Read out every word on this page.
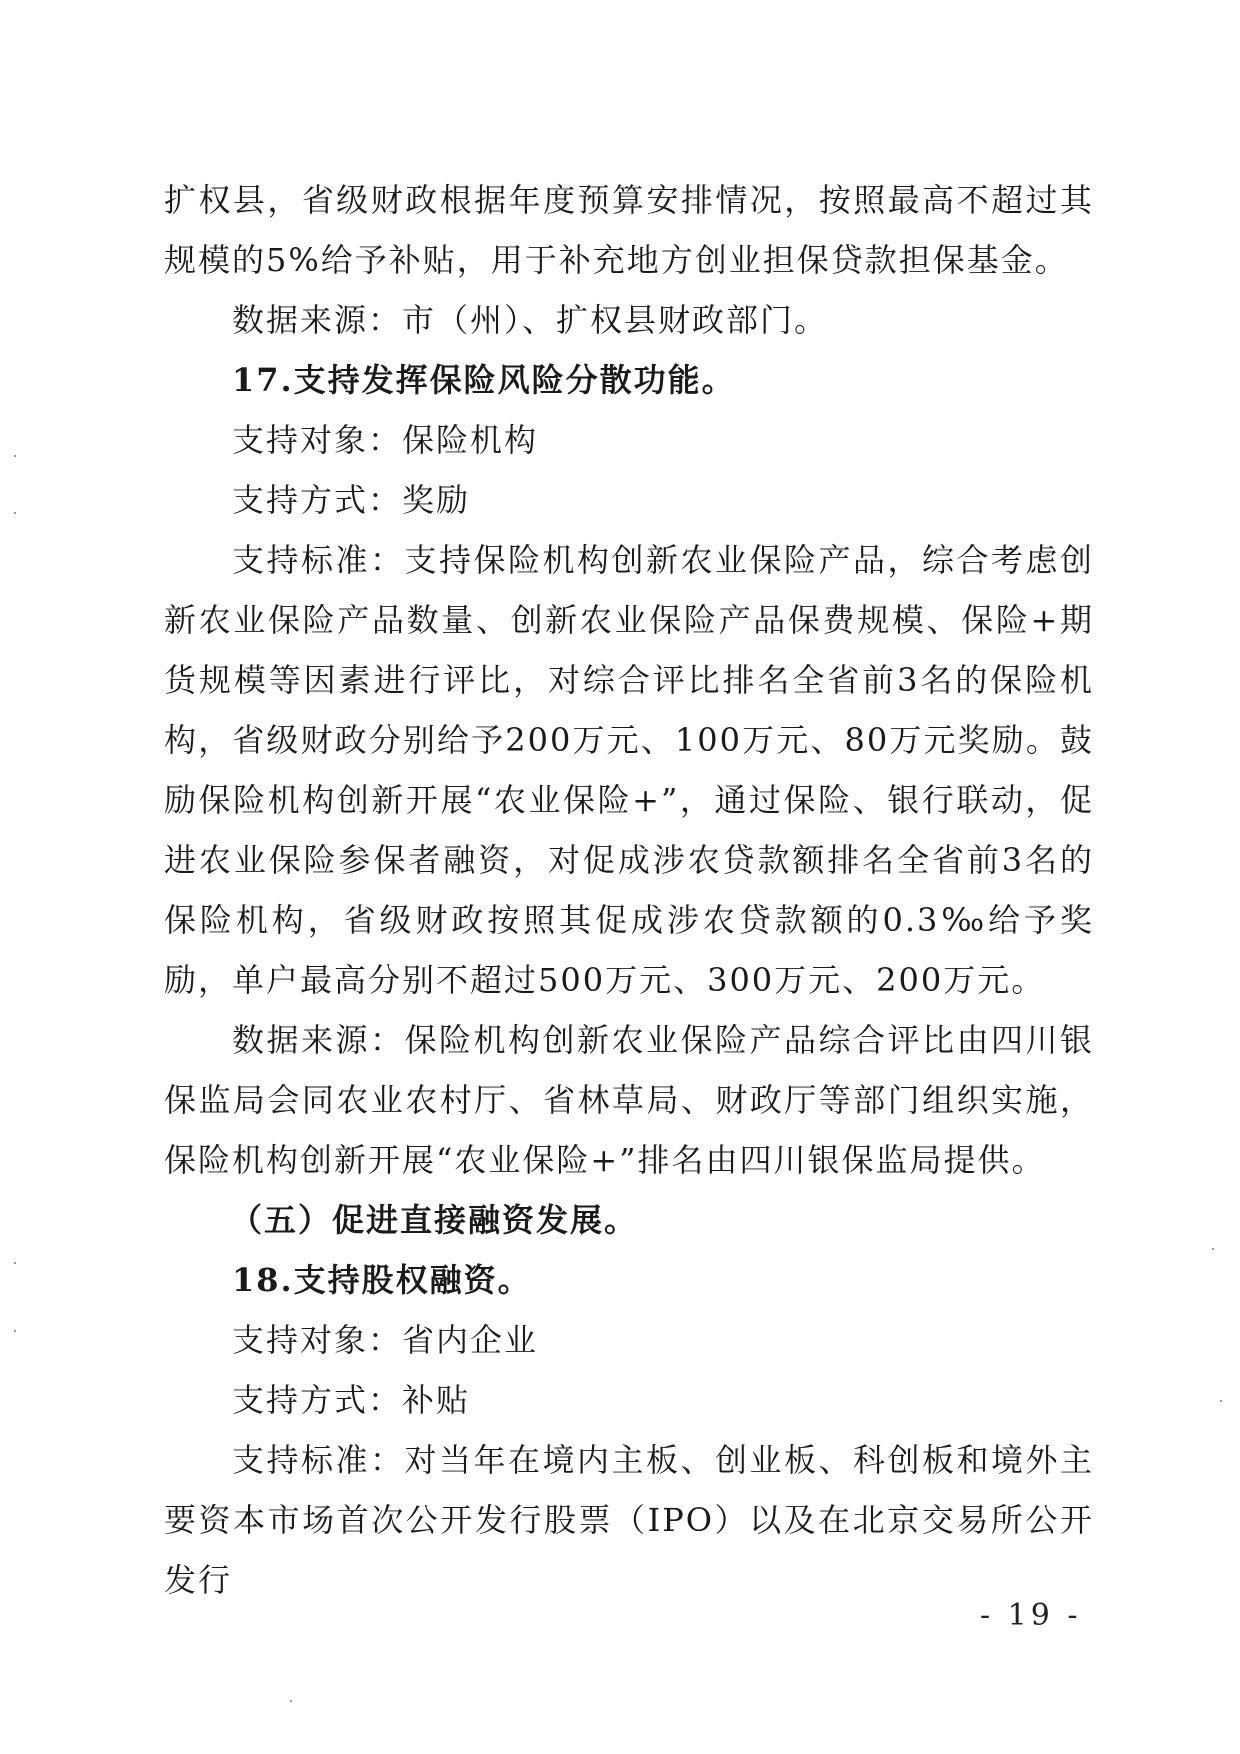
扩权县，省级财政根据年度预算安排情况，按照最高不超过其规模的5%给予补贴，用于补充地方创业担保贷款担保基金。

数据来源：市（州）、扩权县财政部门。

17.支持发挥保险风险分散功能。

支持对象：保险机构

支持方式：奖励

支持标准：支持保险机构创新农业保险产品，综合考虑创新农业保险产品数量、创新农业保险产品保费规模、保险+期货规模等因素进行评比，对综合评比排名全省前3名的保险机构，省级财政分别给予200万元、100万元、80万元奖励。鼓励保险机构创新开展“农业保险+”，通过保险、银行联动，促进农业保险参保者融资，对促成涉农贷款额排名全省前3名的保险机构，省级财政按照其促成涉农贷款额的0.3‰给予奖励，单户最高分别不超过500万元、300万元、200万元。

数据来源：保险机构创新农业保险产品综合评比由四川银保监局会同农业农村厅、省林草局、财政厅等部门组织实施，保险机构创新开展“农业保险+”排名由四川银保监局提供。

（五）促进直接融资发展。

18.支持股权融资。

支持对象：省内企业

支持方式：补贴

支持标准：对当年在境内主板、创业板、科创板和境外主要资本市场首次公开发行股票（IPO）以及在北京交易所公开发行

- 19 -
